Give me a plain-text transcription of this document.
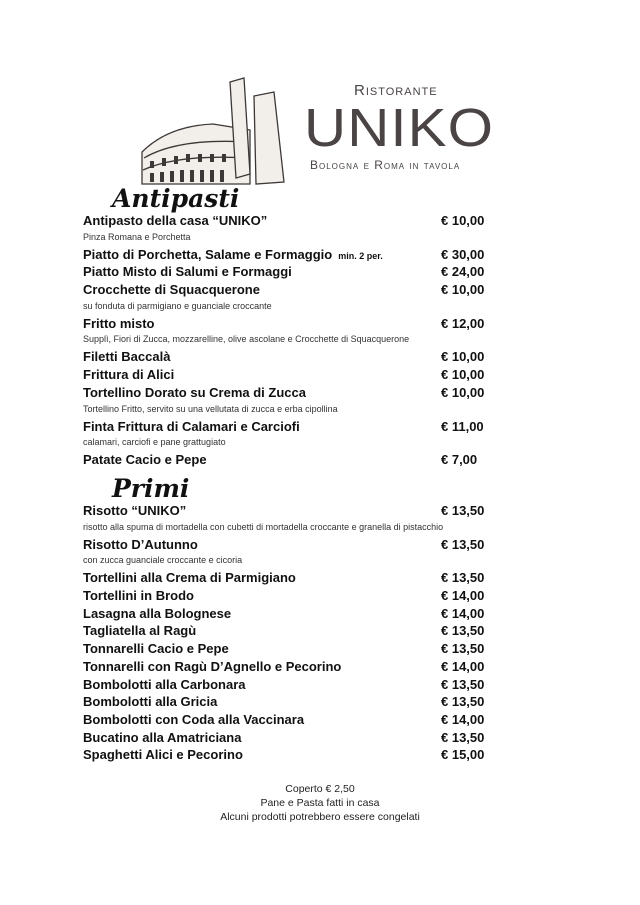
Ristorante
UNIKO
Bologna e Roma in tavola
Antipasti
Antipasto della casa “UNIKO”	€ 10,00
Pinza Romana e Porchetta
Piatto di Porchetta, Salame e Formaggio min. 2 per.	€ 30,00
Piatto Misto di Salumi e Formaggi	€ 24,00
Crocchette di Squacquerone	€ 10,00
su fonduta di parmigiano e guanciale croccante
Fritto misto	€ 12,00
Supplì, Fiori di Zucca, mozzarelline, olive ascolane e Crocchette di Squacquerone
Filetti Baccalà	€ 10,00
Frittura di Alici	€ 10,00
Tortellino Dorato su Crema di Zucca	€ 10,00
Tortellino Fritto, servito su una vellutata di zucca e erba cipollina
Finta Frittura di Calamari e Carciofi	€ 11,00
calamari, carciofi e pane grattugiato
Patate Cacio e Pepe	€ 7,00
Primi
Risotto “UNIKO”	€ 13,50
risotto alla spuma di mortadella con cubetti di mortadella croccante e granella di pistacchio
Risotto D’Autunno	€ 13,50
con zucca guanciale croccante e cicoria
Tortellini alla Crema di Parmigiano	€ 13,50
Tortellini in Brodo	€ 14,00
Lasagna alla Bolognese	€ 14,00
Tagliatella al Ragù	€ 13,50
Tonnarelli Cacio e Pepe	€ 13,50
Tonnarelli con Ragù D’Agnello e Pecorino	€ 14,00
Bombolotti alla Carbonara	€ 13,50
Bombolotti alla Gricia	€ 13,50
Bombolotti con Coda alla Vaccinara	€ 14,00
Bucatino alla Amatriciana	€ 13,50
Spaghetti Alici e Pecorino	€ 15,00
Coperto € 2,50
Pane e Pasta fatti in casa
Alcuni prodotti potrebbero essere congelati
